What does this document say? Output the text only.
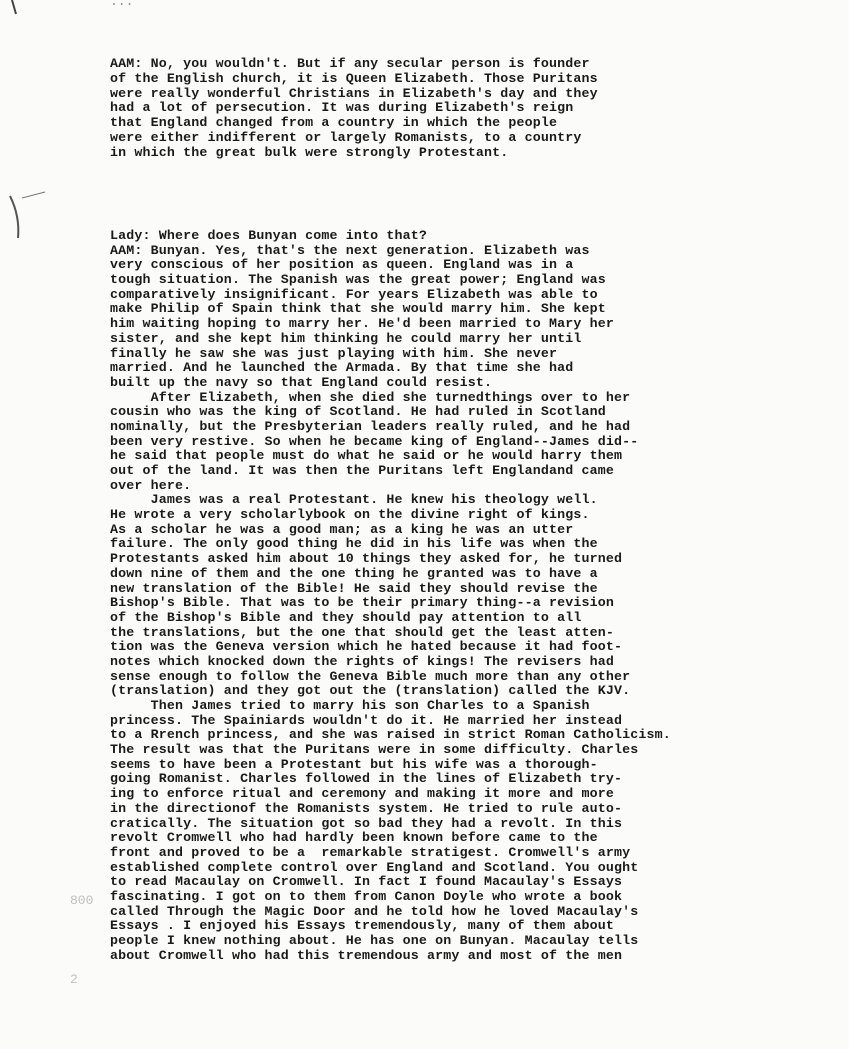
...
800
2

AAM: No, you wouldn't. But if any secular person is founder
of the English church, it is Queen Elizabeth. Those Puritans
were really wonderful Christians in Elizabeth's day and they
had a lot of persecution. It was during Elizabeth's reign
that England changed from a country in which the people
were either indifferent or largely Romanists, to a country
in which the great bulk were strongly Protestant.

Lady: Where does Bunyan come into that?
AAM: Bunyan. Yes, that's the next generation. Elizabeth was
very conscious of her position as queen. England was in a
tough situation. The Spanish was the great power; England was
comparatively insignificant. For years Elizabeth was able to
make Philip of Spain think that she would marry him. She kept
him waiting hoping to marry her. He'd been married to Mary her
sister, and she kept him thinking he could marry her until
finally he saw she was just playing with him. She never
married. And he launched the Armada. By that time she had
built up the navy so that England could resist.
After Elizabeth, when she died she turnedthings over to her
cousin who was the king of Scotland. He had ruled in Scotland
nominally, but the Presbyterian leaders really ruled, and he had
been very restive. So when he became king of England--James did--
he said that people must do what he said or he would harry them
out of the land. It was then the Puritans left Englandand came
over here.
James was a real Protestant. He knew his theology well.
He wrote a very scholarlybook on the divine right of kings.
As a scholar he was a good man; as a king he was an utter
failure. The only good thing he did in his life was when the
Protestants asked him about 10 things they asked for, he turned
down nine of them and the one thing he granted was to have a
new translation of the Bible! He said they should revise the
Bishop's Bible. That was to be their primary thing--a revision
of the Bishop's Bible and they should pay attention to all
the translations, but the one that should get the least atten-
tion was the Geneva version which he hated because it had foot-
notes which knocked down the rights of kings! The revisers had
sense enough to follow the Geneva Bible much more than any other
(translation) and they got out the (translation) called the KJV.
Then James tried to marry his son Charles to a Spanish
princess. The Spainiards wouldn't do it. He married her instead
to a Rrench princess, and she was raised in strict Roman Catholicism.
The result was that the Puritans were in some difficulty. Charles
seems to have been a Protestant but his wife was a thorough-
going Romanist. Charles followed in the lines of Elizabeth try-
ing to enforce ritual and ceremony and making it more and more
in the directionof the Romanists system. He tried to rule auto-
cratically. The situation got so bad they had a revolt. In this
revolt Cromwell who had hardly been known before came to the
front and proved to be a  remarkable stratigest. Cromwell's army
established complete control over England and Scotland. You ought
to read Macaulay on Cromwell. In fact I found Macaulay's Essays
fascinating. I got on to them from Canon Doyle who wrote a book
called Through the Magic Door and he told how he loved Macaulay's
Essays . I enjoyed his Essays tremendously, many of them about
people I knew nothing about. He has one on Bunyan. Macaulay tells
about Cromwell who had this tremendous army and most of the men
